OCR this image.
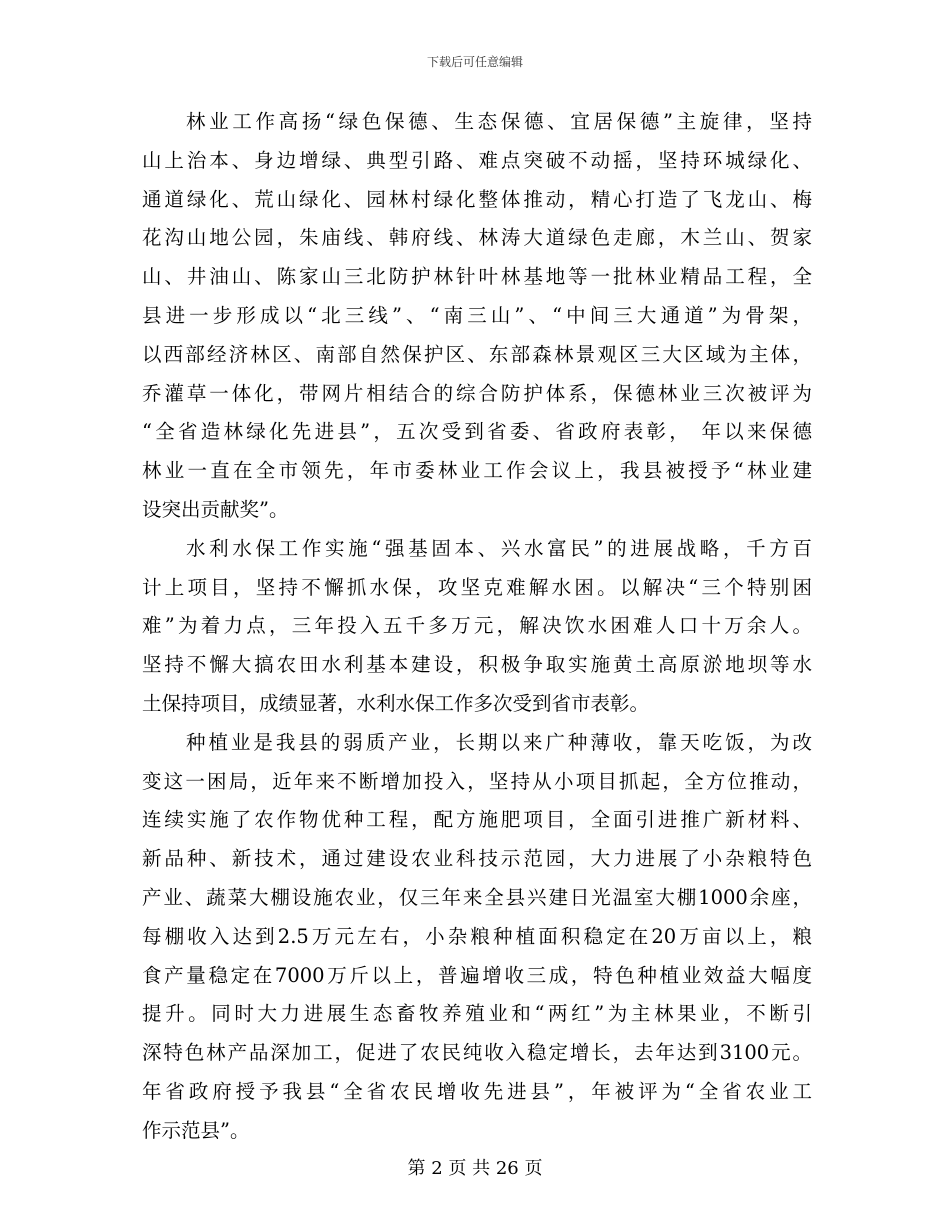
下载后可任意编辑
林业工作高扬“绿色保德、生态保德、宜居保德”主旋律，坚持
山上治本、身边增绿、典型引路、难点突破不动摇，坚持环城绿化、
通道绿化、荒山绿化、园林村绿化整体推动，精心打造了飞龙山、梅
花沟山地公园，朱庙线、韩府线、林涛大道绿色走廊，木兰山、贺家
山、井油山、陈家山三北防护林针叶林基地等一批林业精品工程，全
县进一步形成以“北三线”、“南三山”、“中间三大通道”为骨架，
以西部经济林区、南部自然保护区、东部森林景观区三大区域为主体，
乔灌草一体化，带网片相结合的综合防护体系，保德林业三次被评为
“全省造林绿化先进县”，五次受到省委、省政府表彰， 年以来保德
林业一直在全市领先，年市委林业工作会议上，我县被授予“林业建
设突出贡献奖”。
水利水保工作实施“强基固本、兴水富民”的进展战略，千方百
计上项目，坚持不懈抓水保，攻坚克难解水困。以解决“三个特别困
难”为着力点，三年投入五千多万元，解决饮水困难人口十万余人。
坚持不懈大搞农田水利基本建设，积极争取实施黄土高原淤地坝等水
土保持项目，成绩显著，水利水保工作多次受到省市表彰。
种植业是我县的弱质产业，长期以来广种薄收，靠天吃饭，为改
变这一困局，近年来不断增加投入，坚持从小项目抓起，全方位推动，
连续实施了农作物优种工程，配方施肥项目，全面引进推广新材料、
新品种、新技术，通过建设农业科技示范园，大力进展了小杂粮特色
产业、蔬菜大棚设施农业，仅三年来全县兴建日光温室大棚1000余座，
每棚收入达到2.5万元左右，小杂粮种植面积稳定在20万亩以上，粮
食产量稳定在7000万斤以上，普遍增收三成，特色种植业效益大幅度
提升。同时大力进展生态畜牧养殖业和“两红”为主林果业，不断引
深特色林产品深加工，促进了农民纯收入稳定增长，去年达到3100元。
年省政府授予我县“全省农民增收先进县”，年被评为“全省农业工
作示范县”。
第 2 页 共 26 页
